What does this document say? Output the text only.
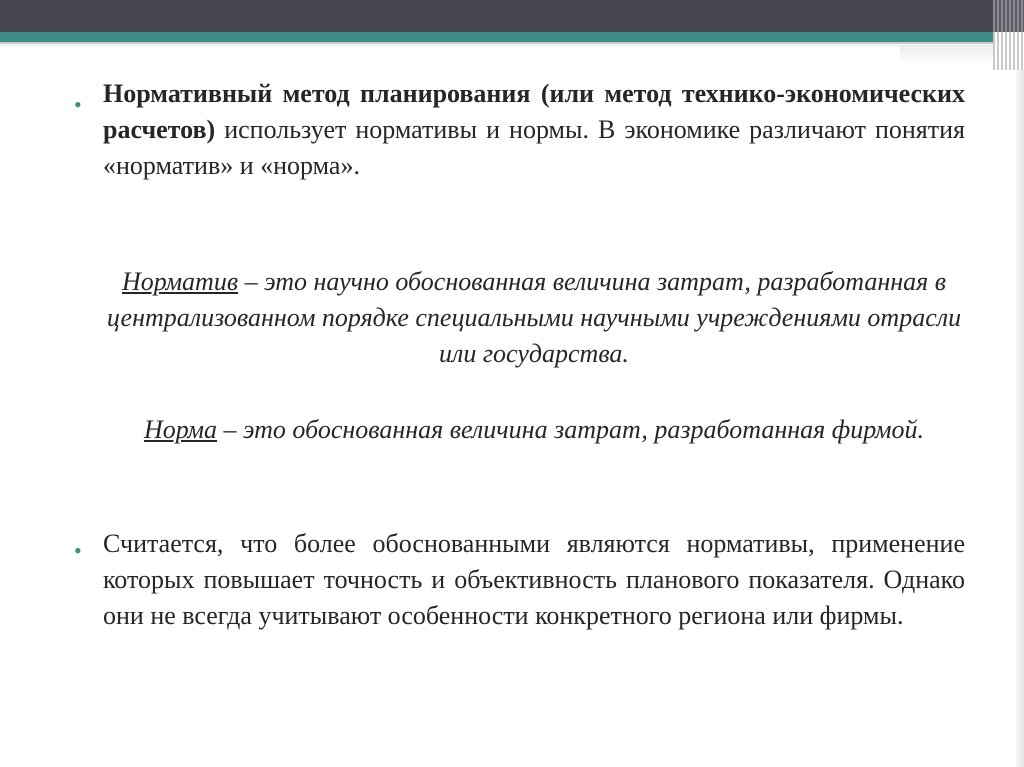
• Нормативный метод планирования (или метод технико-экономических расчетов) использует нормативы и нормы. В экономике различают понятия «норматив» и «норма».
Норматив – это научно обоснованная величина затрат, разработанная в централизованном порядке специальными научными учреждениями отрасли или государства.
Норма – это обоснованная величина затрат, разработанная фирмой.
• Считается, что более обоснованными являются нормативы, применение которых повышает точность и объективность планового показателя. Однако они не всегда учитывают особенности конкретного региона или фирмы.
